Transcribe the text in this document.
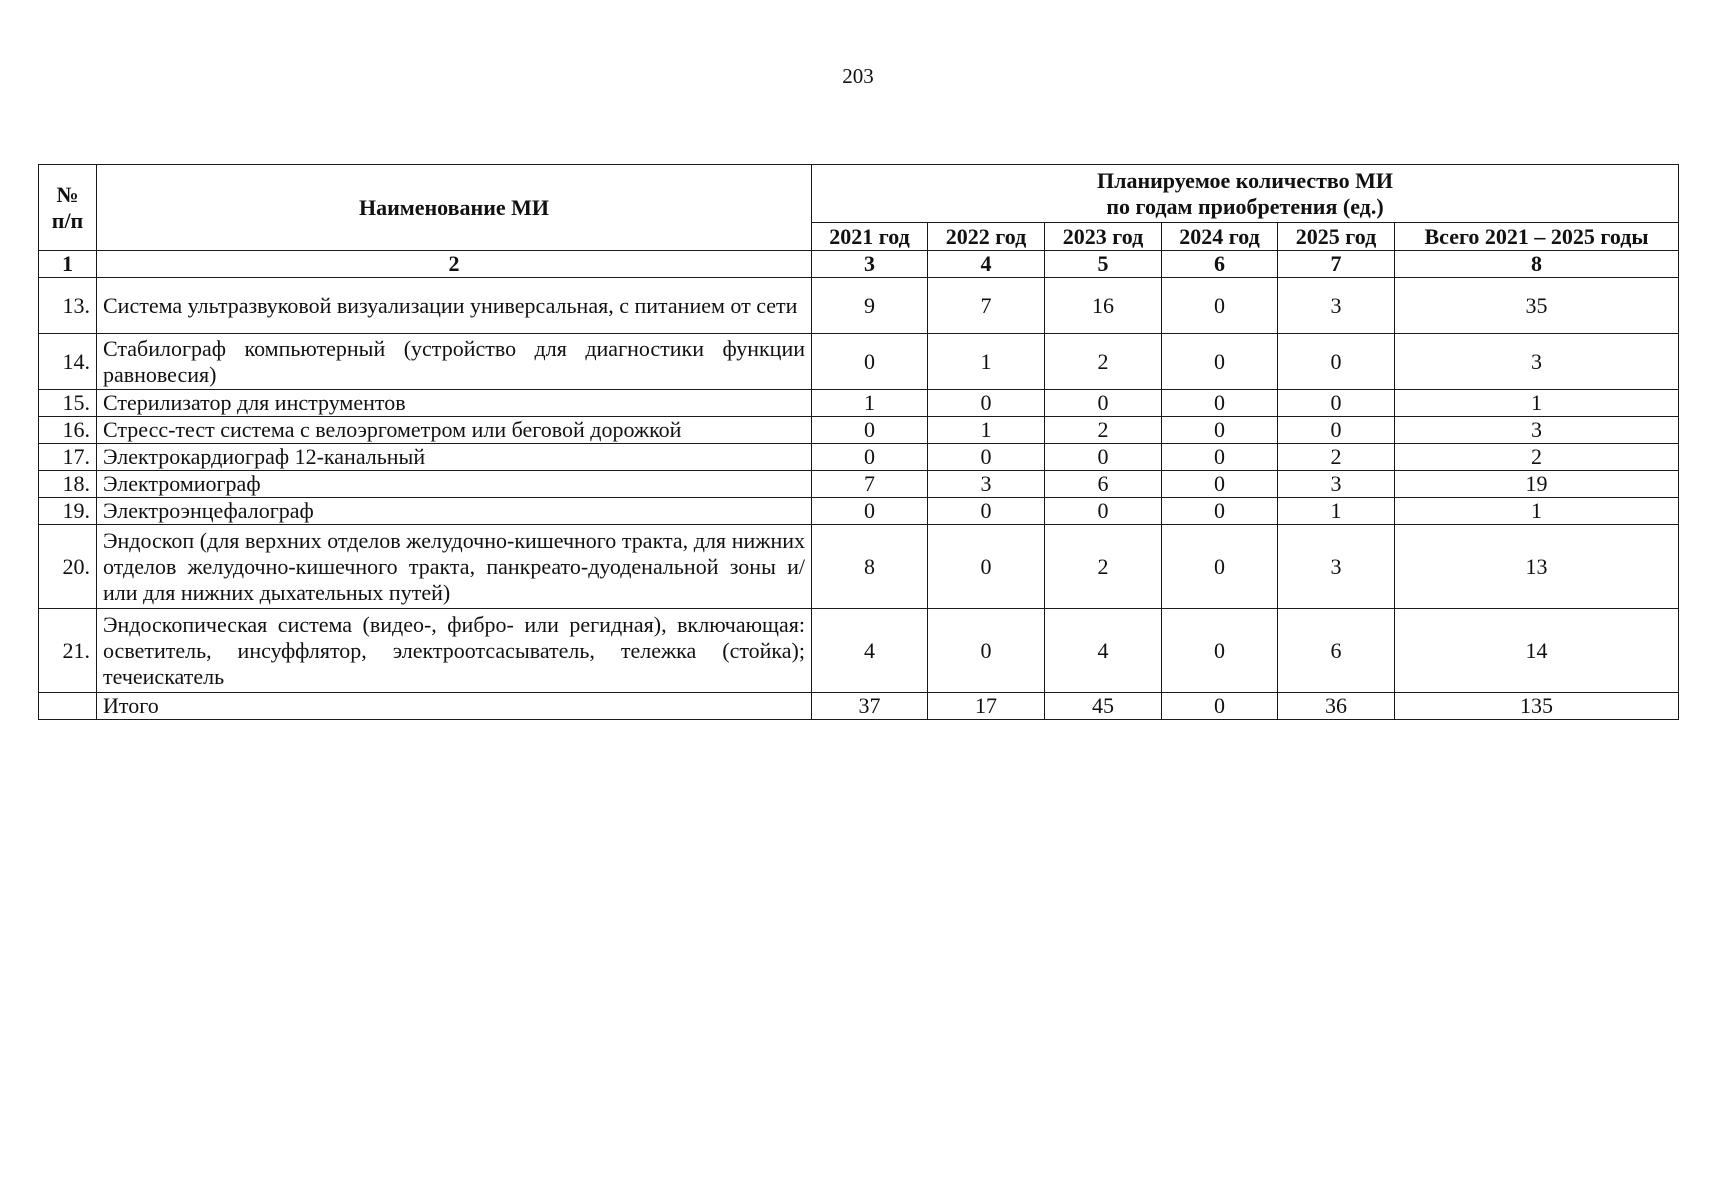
203
№ п/п	Наименование МИ	Планируемое количество МИ
по годам приобретения (ед.)					

		2021 год	2022 год	2023 год	2024 год	2025 год	Всего 2021 – 2025 годы
1	2	3	4	5	6	7	8
13.	Система ультразвуковой визуализации универсальная, с питанием от сети	9	7	16	0	3	35
14.	Стабилограф компьютерный (устройство для диагностики функции равновесия)	0	1	2	0	0	3
15.	Стерилизатор для инструментов	1	0	0	0	0	1
16.	Стресс-тест система с велоэргометром или беговой дорожкой	0	1	2	0	0	3
17.	Электрокардиограф 12-канальный	0	0	0	0	2	2
18.	Электромиограф	7	3	6	0	3	19
19.	Электроэнцефалограф	0	0	0	0	1	1
20.	Эндоскоп (для верхних отделов желудочно-кишечного тракта, для нижних отделов желудочно-кишечного тракта, панкреато-дуоденальной зоны и/или для нижних дыхательных путей)	8	0	2	0	3	13
21.	Эндоскопическая система (видео-, фибро- или регидная), включающая: осветитель, инсуффлятор, электроотсасыватель, тележка (стойка); течеискатель	4	0	4	0	6	14
	Итого	37	17	45	0	36	135
